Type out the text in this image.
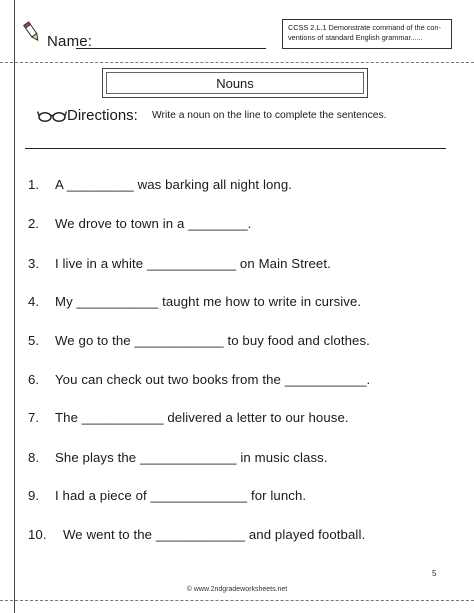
Name:
CCSS 2.L.1 Demonstrate command of the con-
ventions of standard English grammar......
Nouns
Directions: Write a noun on the line to complete the sentences.
1. A _________ was barking all night long.
2. We drove to town in a ________.
3. I live in a white ____________ on Main Street.
4. My ___________ taught me how to write in cursive.
5. We go to the ____________ to buy food and clothes.
6. You can check out two books from the ___________.
7. The ___________ delivered a letter to our house.
8. She plays the _____________ in music class.
9. I had a piece of _____________ for lunch.
10. We went to the ____________ and played football.
5
© www.2ndgradeworksheets.net
